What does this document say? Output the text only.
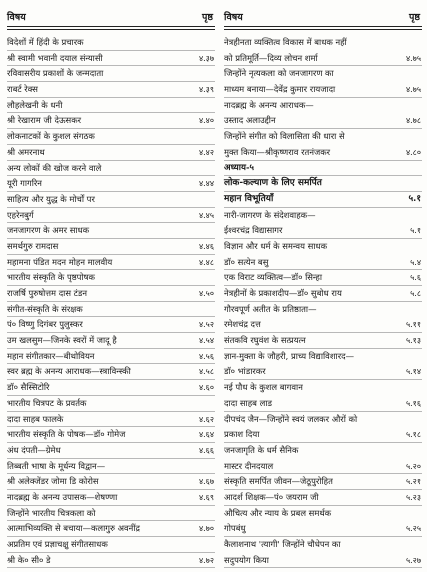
विषय	पृष्ठ
विदेशों में हिंदी के प्रचारक
श्री स्वामी भवानी दयाल संन्यासी	४.३७
रविवासरीय प्रकाशों के जन्मदाता
राबर्ट रेक्स	४.३९
लौहलेखनी के धनी
श्री रेखाराम जी देऊसकर	४.४०
लोकनाटकों के कुशल संगठक
श्री अमरनाथ	४.४२
अन्य लोकों की खोज करने वाले
यूरी गागरिन	४.४४
साहित्य और युद्ध के मोर्चों पर
एहरेनबुर्ग	४.४५
जनजागरण के अमर साधक
समर्थगुरु रामदास	४.४६
महामना पंडित मदन मोहन मालवीय	४.४८
भारतीय संस्कृति के पृष्ठपोषक
राजर्षि पुरुषोत्तम दास टंडन	४.५०
संगीत-संस्कृति के संरक्षक
पं० विष्णु दिगंबर पुलुस्कर	४.५२
उम खलसुम—जिनके स्वरों में जादू है	४.५४
महान संगीतकार—बीथोवियन	४.५६
स्वर ब्रह्म के अनन्य आराधक—स्त्राविन्स्की	४.५८
डॉ० सैस्सिटोरि	४.६०
भारतीय चित्रपट के प्रवर्तक
दादा साहब फालके	४.६२
भारतीय संस्कृति के पोषक—डॉ० गोमेज	४.६४
अंध दंपती—ग्रेमेध	४.६६
तिब्बती भाषा के मूर्धन्य विद्वान—
श्री अलेक्जेंडर जोमा डि कोरोस	४.६७
नादब्रह्म के अनन्य उपासक—शेषण्णा	४.६९
जिन्होंने भारतीय चित्रकला को
आत्माभिव्यक्ति से बचाया—कलागुरु अवनींद्र	४.७०
अप्रतिम एवं प्रज्ञाचक्षु संगीतसाधक
श्री के० सी० डे	४.७२
विषय	पृष्ठ
नेत्रहीनता व्यक्तित्व विकास में बाधक नहीं
को प्रतिमूर्ति—दिव्य लोचन शर्मा	४.७५
जिन्होंने नृत्यकला को जनजागरण का
माध्यम बनाया—देवेंद्र कुमार रायजादा	४.७५
नादब्रह्म के अनन्य आराधक—
उस्ताद अलाउद्दीन	४.७८
जिन्होंने संगीत को विलासिता की धारा से
मुक्त किया—श्रीकृष्णराव रतनंजकर	४.८०
अध्याय-५
लोक-कल्याण के लिए समर्पित
महान विभूतियाँ	५.१
नारी-जागरण के संदेशवाहक—
ईश्वरचंद्र विद्यासागर	५.१
विज्ञान और धर्म के समन्वय साधक
डॉ० सत्येन बसु	५.४
एक विराट व्यक्तित्व—डॉ० सिन्हा	५.६
नेत्रहीनों के प्रकाशदीप—डॉ० सुबोध राय	५.८
गौरवपूर्ण अतीत के प्रतिष्ठाता—
रमेशचंद्र दत्त	५.११
संतकवि रघुवंश के सत्प्रयत्न	५.१३
ज्ञान-मुक्ता के जौहरी, प्राच्य विद्याविशारद—
डॉ० भांडारकर	५.१४
नई पौध के कुशल बागवान
दादा साहब लाड	५.१६
दीपचंद जैन—जिन्होंने स्वयं जलकर औरों को
प्रकाश दिया	५.१८
जनजागृति के धर्म सैनिक
मास्टर दीनदयाल	५.२०
संस्कृति समर्पित जीवन—जेठूपुरोहित	५.२१
आदर्श शिक्षक—पं० जयराम जी	५.२३
औचित्य और न्याय के प्रबल समर्थक
गोपबंधु	५.२५
कैलाशनाथ 'त्यागी' जिन्होंने चौधेपन का
सदुपयोग किया	५.२७
